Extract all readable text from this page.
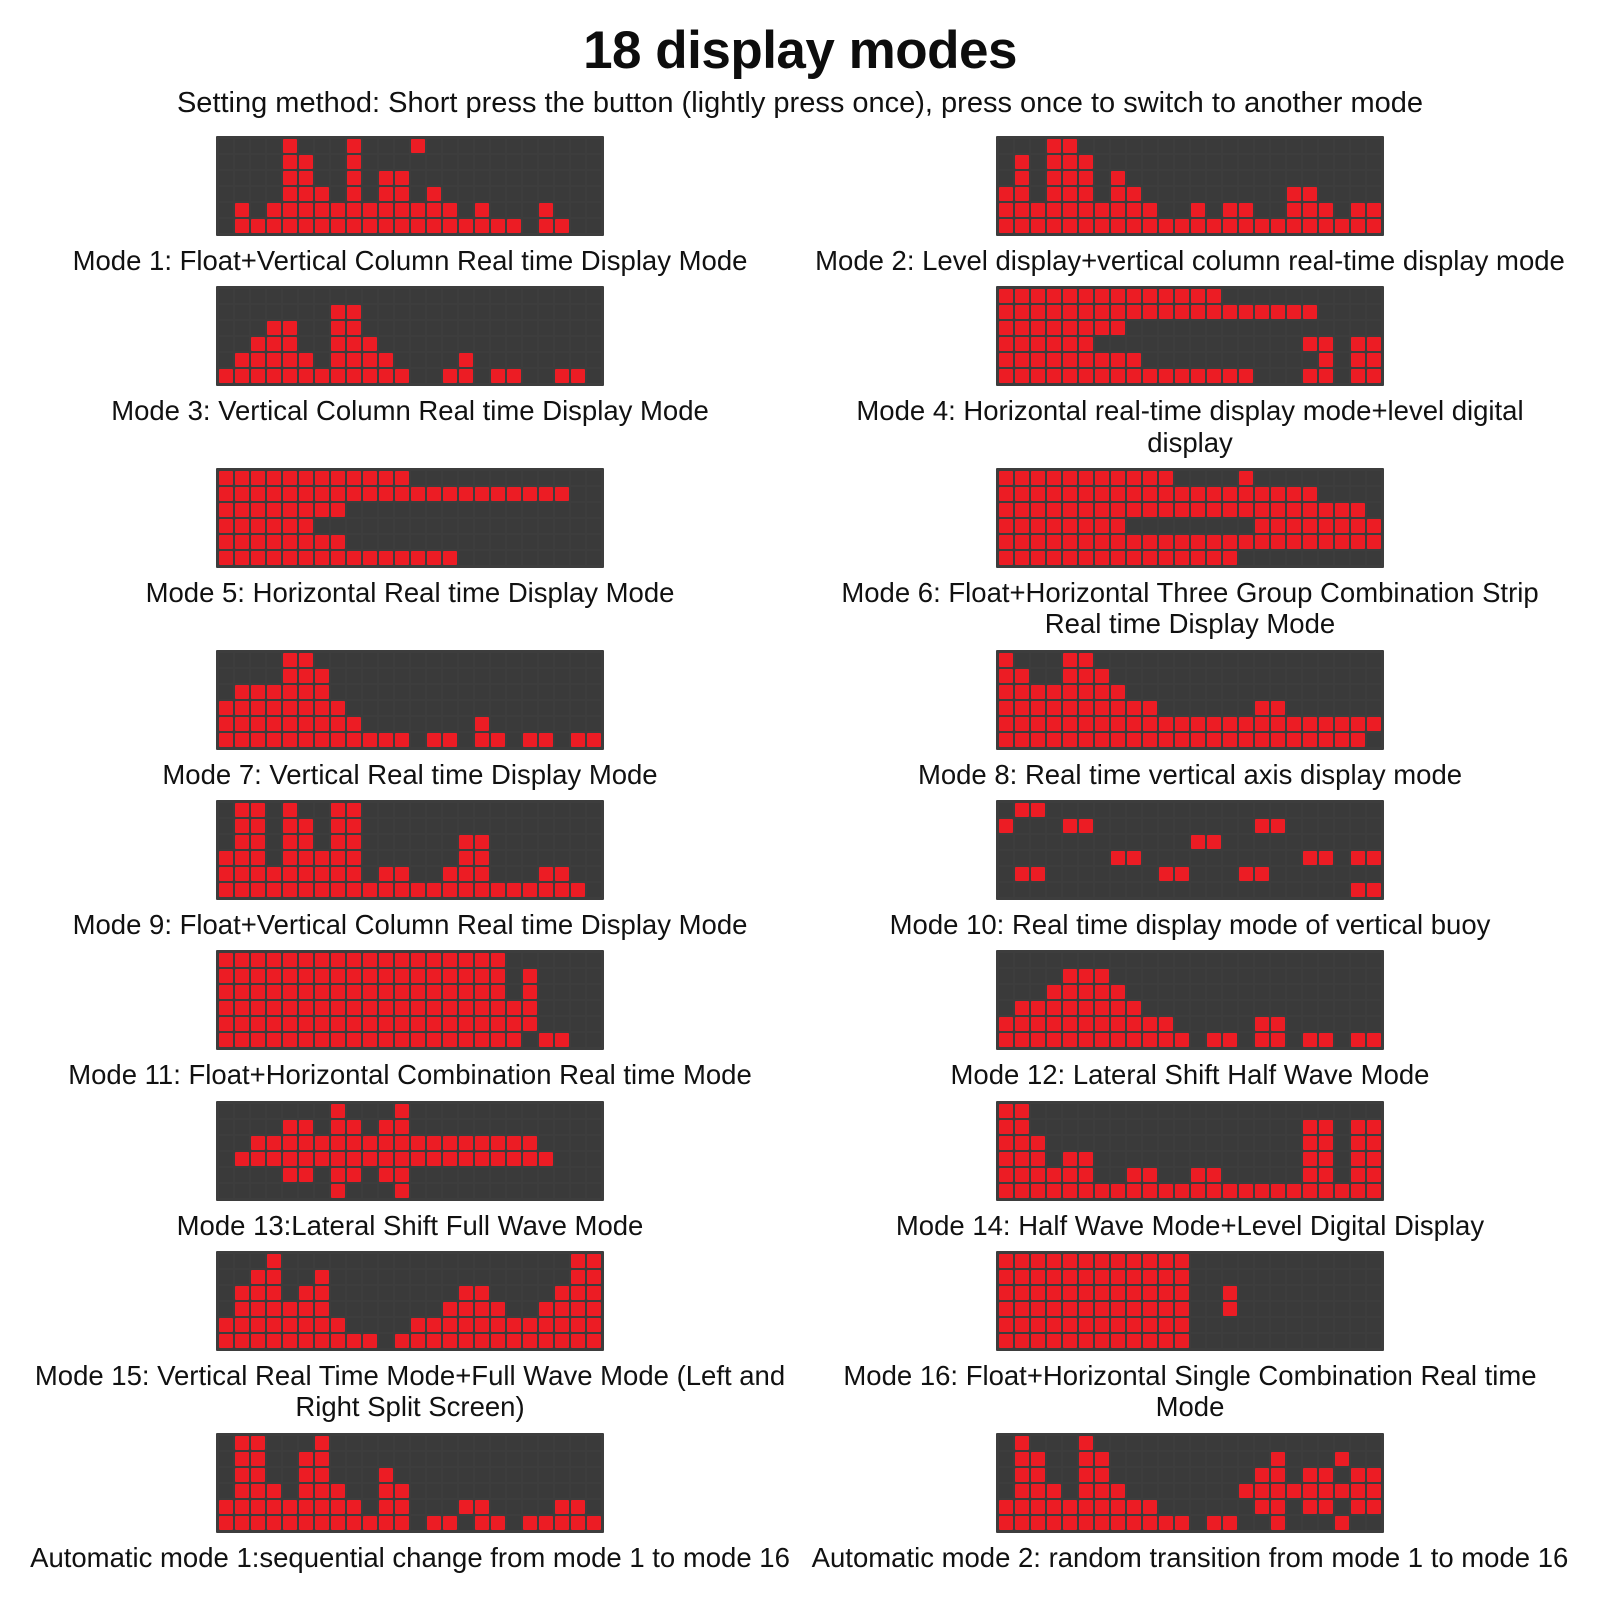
18 display modes
Setting method: Short press the button (lightly press once), press once to switch to another mode
Mode 1: Float+Vertical Column Real time Display Mode Mode 2: Level display+vertical column real-time display mode
Mode 3: Vertical Column Real time Display Mode	Mode 4: Horizontal real-time display mode+level digital display
Mode 5: Horizontal Real time Display Mode	Mode 6: Float+Horizontal Three Group Combination Strip Real time Display Mode
Mode 7: Vertical Real time Display Mode	Mode 8: Real time vertical axis display mode
Mode 9: Float+Vertical Column Real time Display Mode	Mode 10: Real time display mode of vertical buoy
Mode 11: Float+Horizontal Combination Real time Mode	Mode 12: Lateral Shift Half Wave Mode
Mode 13:Lateral Shift Full Wave Mode	Mode 14: Half Wave Mode+Level Digital Display
Mode 15: Vertical Real Time Mode+Full Wave Mode (Left and Right Split Screen)
Mode 16: Float+Horizontal Single Combination Real time Mode
Automatic mode 1:sequential change from mode 1 to mode 16 Automatic mode 2: random transition from mode 1 to mode 16
